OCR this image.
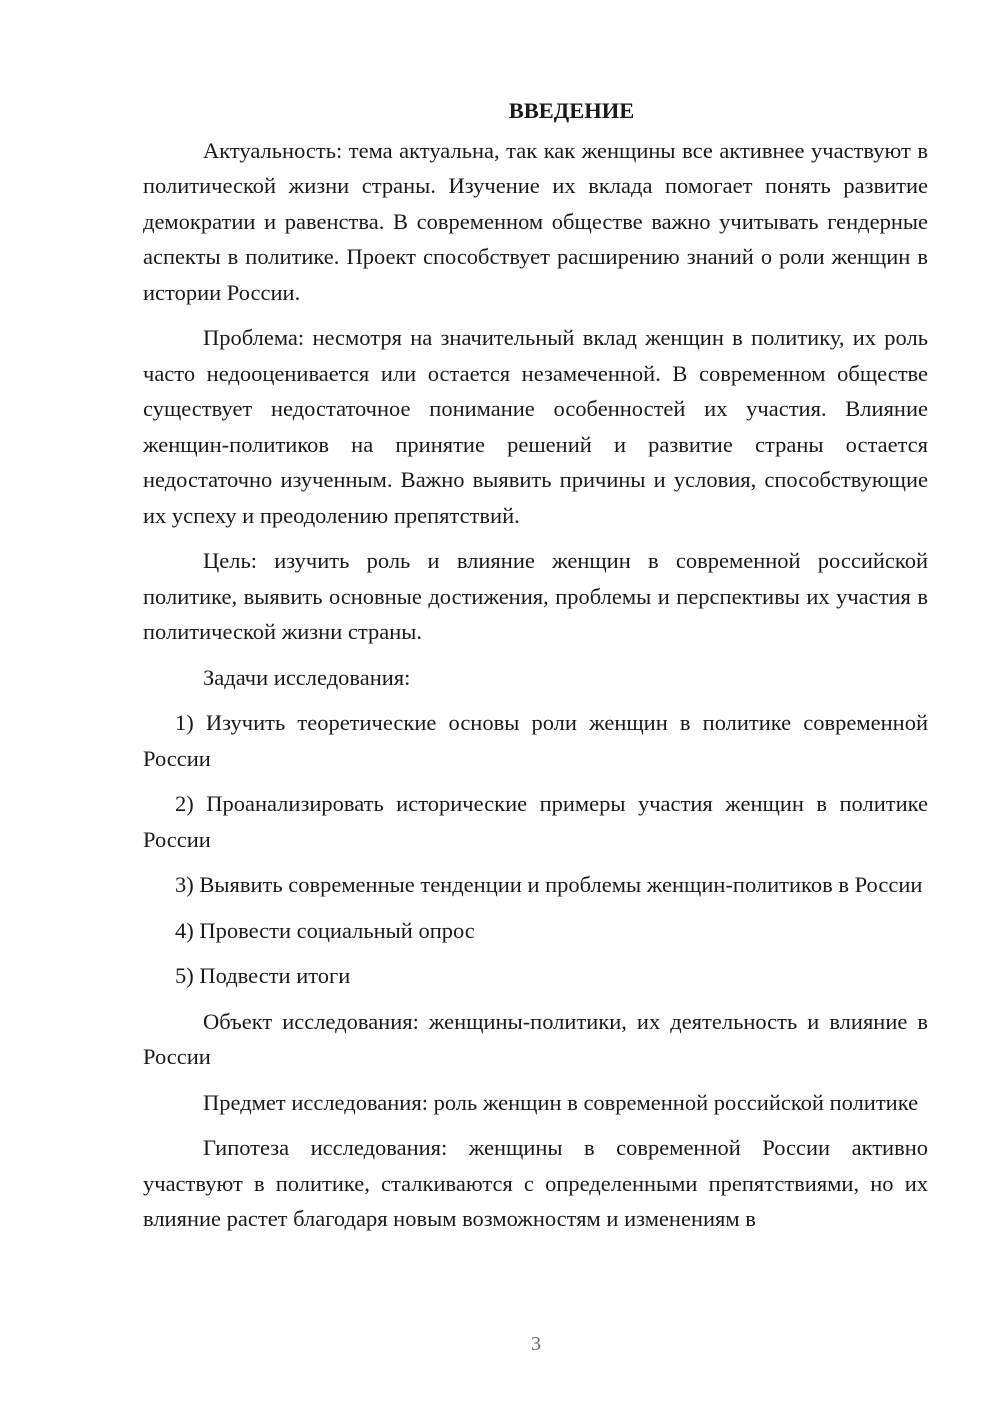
ВВЕДЕНИЕ

Актуальность: тема актуальна, так как женщины все активнее участвуют в политической жизни страны. Изучение их вклада помогает понять развитие демократии и равенства. В современном обществе важно учитывать гендерные аспекты в политике. Проект способствует расширению знаний о роли женщин в истории России.

Проблема: несмотря на значительный вклад женщин в политику, их роль часто недооценивается или остается незамеченной. В современном обществе существует недостаточное понимание особенностей их участия. Влияние женщин-политиков на принятие решений и развитие страны остается недостаточно изученным. Важно выявить причины и условия, способствующие их успеху и преодолению препятствий.

Цель: изучить роль и влияние женщин в современной российской политике, выявить основные достижения, проблемы и перспективы их участия в политической жизни страны.

Задачи исследования:

1) Изучить теоретические основы роли женщин в политике современной России

2) Проанализировать исторические примеры участия женщин в политике России

3) Выявить современные тенденции и проблемы женщин-политиков в России

4) Провести социальный опрос

5) Подвести итоги

Объект исследования: женщины-политики, их деятельность и влияние в России

Предмет исследования: роль женщин в современной российской политике

Гипотеза исследования: женщины в современной России активно участвуют в политике, сталкиваются с определенными препятствиями, но их влияние растет благодаря новым возможностям и изменениям в

3
